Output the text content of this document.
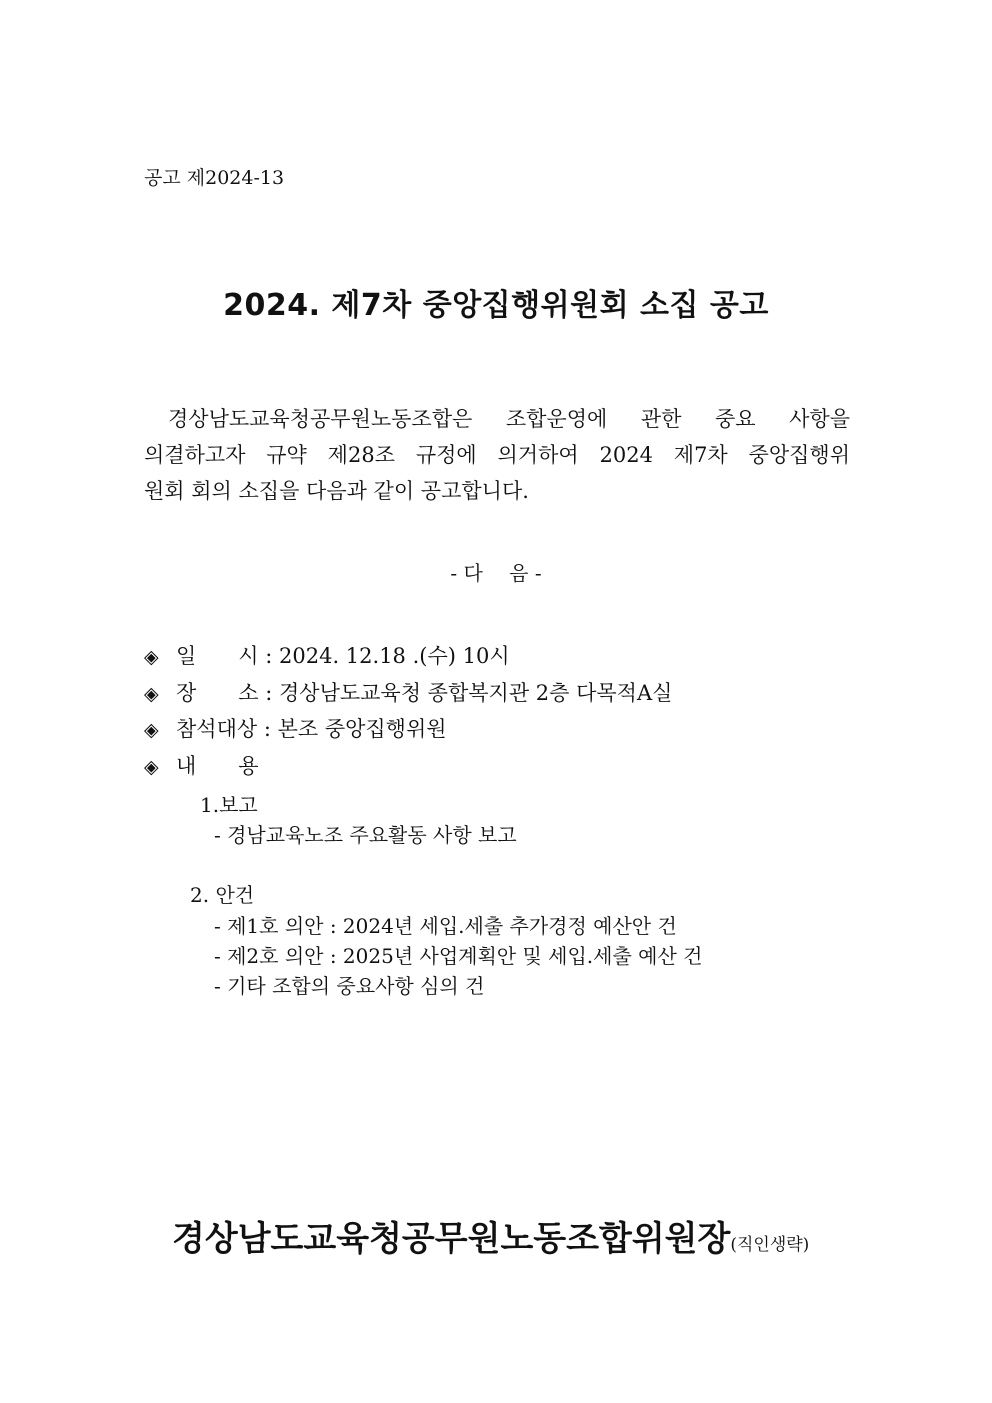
공고 제2024-13
2024. 제7차 중앙집행위원회 소집 공고
경상남도교육청공무원노동조합은 조합운영에 관한 중요 사항을
의결하고자 규약 제28조 규정에 의거하여 2024 제7차 중앙집행위
원회 회의 소집을 다음과 같이 공고합니다.
- 다　 음 -
◈ 일　　시 : 2024. 12.18 .(수) 10시
◈ 장　　소 : 경상남도교육청 종합복지관 2층 다목적A실
◈ 참석대상 : 본조 중앙집행위원
◈ 내　　용
1.보고
- 경남교육노조 주요활동 사항 보고
2. 안건
- 제1호 의안 : 2024년 세입.세출 추가경정 예산안 건
- 제2호 의안 : 2025년 사업계획안 및 세입.세출 예산 건
- 기타 조합의 중요사항 심의 건
경상남도교육청공무원노동조합위원장(직인생략)
